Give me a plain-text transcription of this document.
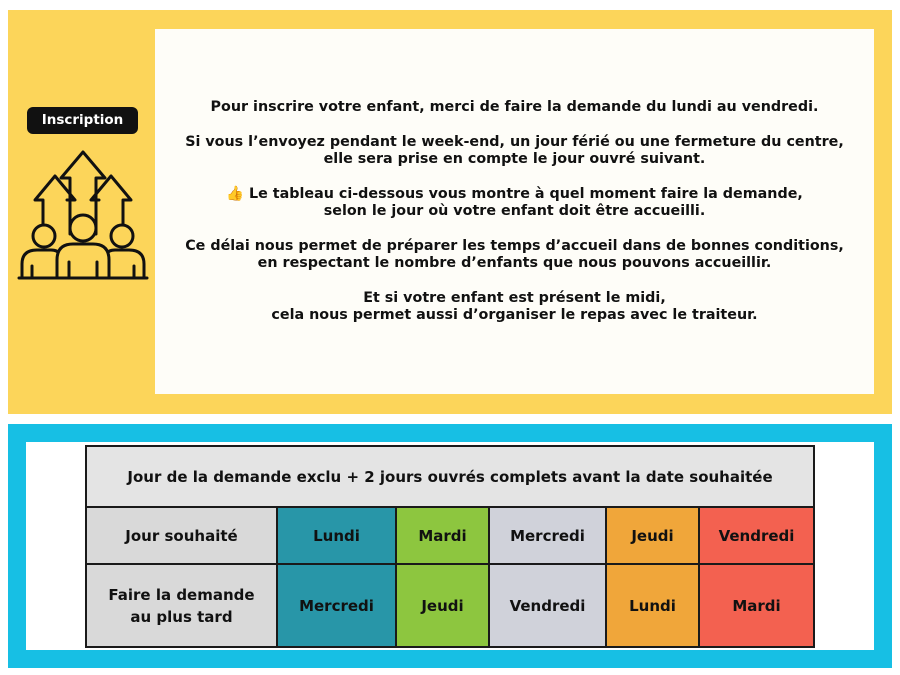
Inscription

Pour inscrire votre enfant, merci de faire la demande du lundi au vendredi.

Si vous l’envoyez pendant le week-end, un jour férié ou une fermeture du centre,
elle sera prise en compte le jour ouvré suivant.

👍 Le tableau ci-dessous vous montre à quel moment faire la demande,
selon le jour où votre enfant doit être accueilli.

Ce délai nous permet de préparer les temps d’accueil dans de bonnes conditions,
en respectant le nombre d’enfants que nous pouvons accueillir.

Et si votre enfant est présent le midi,
cela nous permet aussi d’organiser le repas avec le traiteur.

Jour de la demande exclu + 2 jours ouvrés complets avant la date souhaitée					
Jour souhaité	Lundi	Mardi	Mercredi	Jeudi	Vendredi
Faire la demande
au plus tard	Mercredi	Jeudi	Vendredi	Lundi	Mardi
